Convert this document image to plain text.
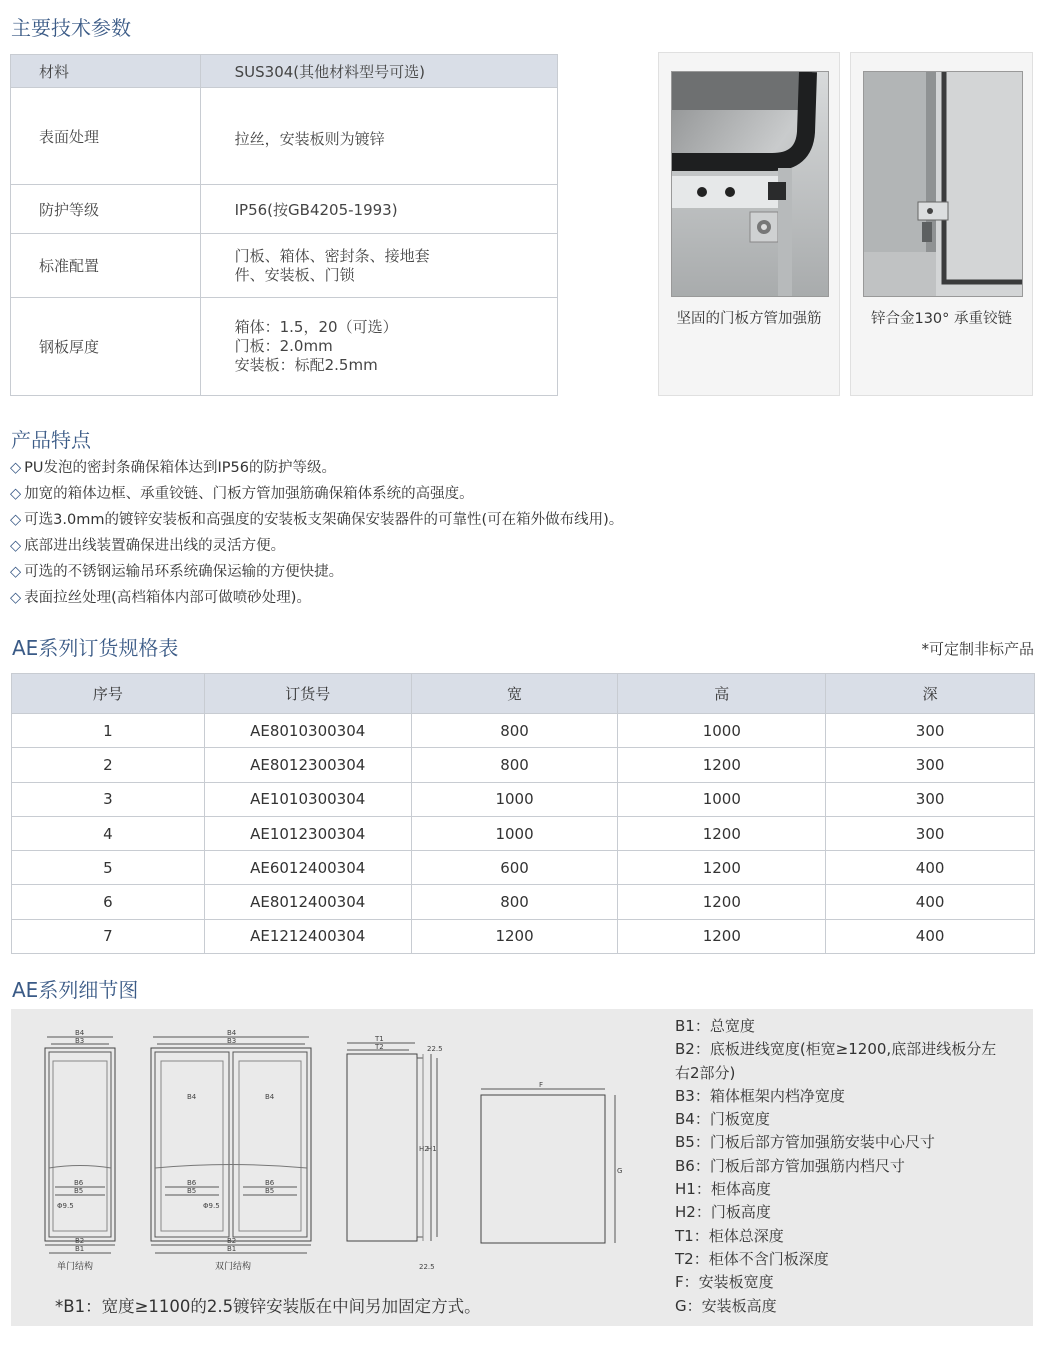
主要技术参数
产品特点
AE系列订货规格表
AE系列细节图
材料	SUS304(其他材料型号可选)
表面处理	拉丝，安装板则为镀锌
防护等级	IP56(按GB4205-1993)
标准配置	门板、箱体、密封条、接地套
件、安装板、门锁

钢板厚度	箱体：1.5，20（可选）
门板：2.0mm
安装板：标配2.5mm
坚固的门板方管加强筋	锌合金130° 承重铰链
◇ PU发泡的密封条确保箱体达到IP56的防护等级。
◇ 加宽的箱体边框、承重铰链、门板方管加强筋确保箱体系统的高强度。
◇ 可选3.0mm的镀锌安装板和高强度的安装板支架确保安装器件的可靠性(可在箱外做布线用)。
◇ 底部进出线装置确保进出线的灵活方便。
◇ 可选的不锈钢运输吊环系统确保运输的方便快捷。
◇ 表面拉丝处理(高档箱体内部可做喷砂处理)。
*可定制非标产品
序号	订货号	宽	高	深
1	AE8010300304	800	1000	300
2	AE8012300304	800	1200	300
3	AE1010300304	1000	1000	300
4	AE1012300304	1000	1200	300
5	AE6012400304	600	1200	400
6	AE8012400304	800	1200	400
7	AE1212400304	1200	1200	400
B4
B3
B6
B5
Φ9.5
B2
B1
单门结构
B4
B3
B4	B4
B6
B5
B6
B5
Φ9.5
B2
B1
双门结构
T1
T2
H2
H1
22.5
22.5
F
G
B1：总宽度
B2：底板进线宽度(柜宽≥1200,底部进线板分左
右2部分)
B3：箱体框架内档净宽度
B4：门板宽度
B5：门板后部方管加强筋安装中心尺寸
B6：门板后部方管加强筋内档尺寸
H1：柜体高度
H2：门板高度
T1：柜体总深度
T2：柜体不含门板深度
F：安装板宽度
G：安装板高度
*B1：宽度≥1100的2.5镀锌安装版在中间另加固定方式。
